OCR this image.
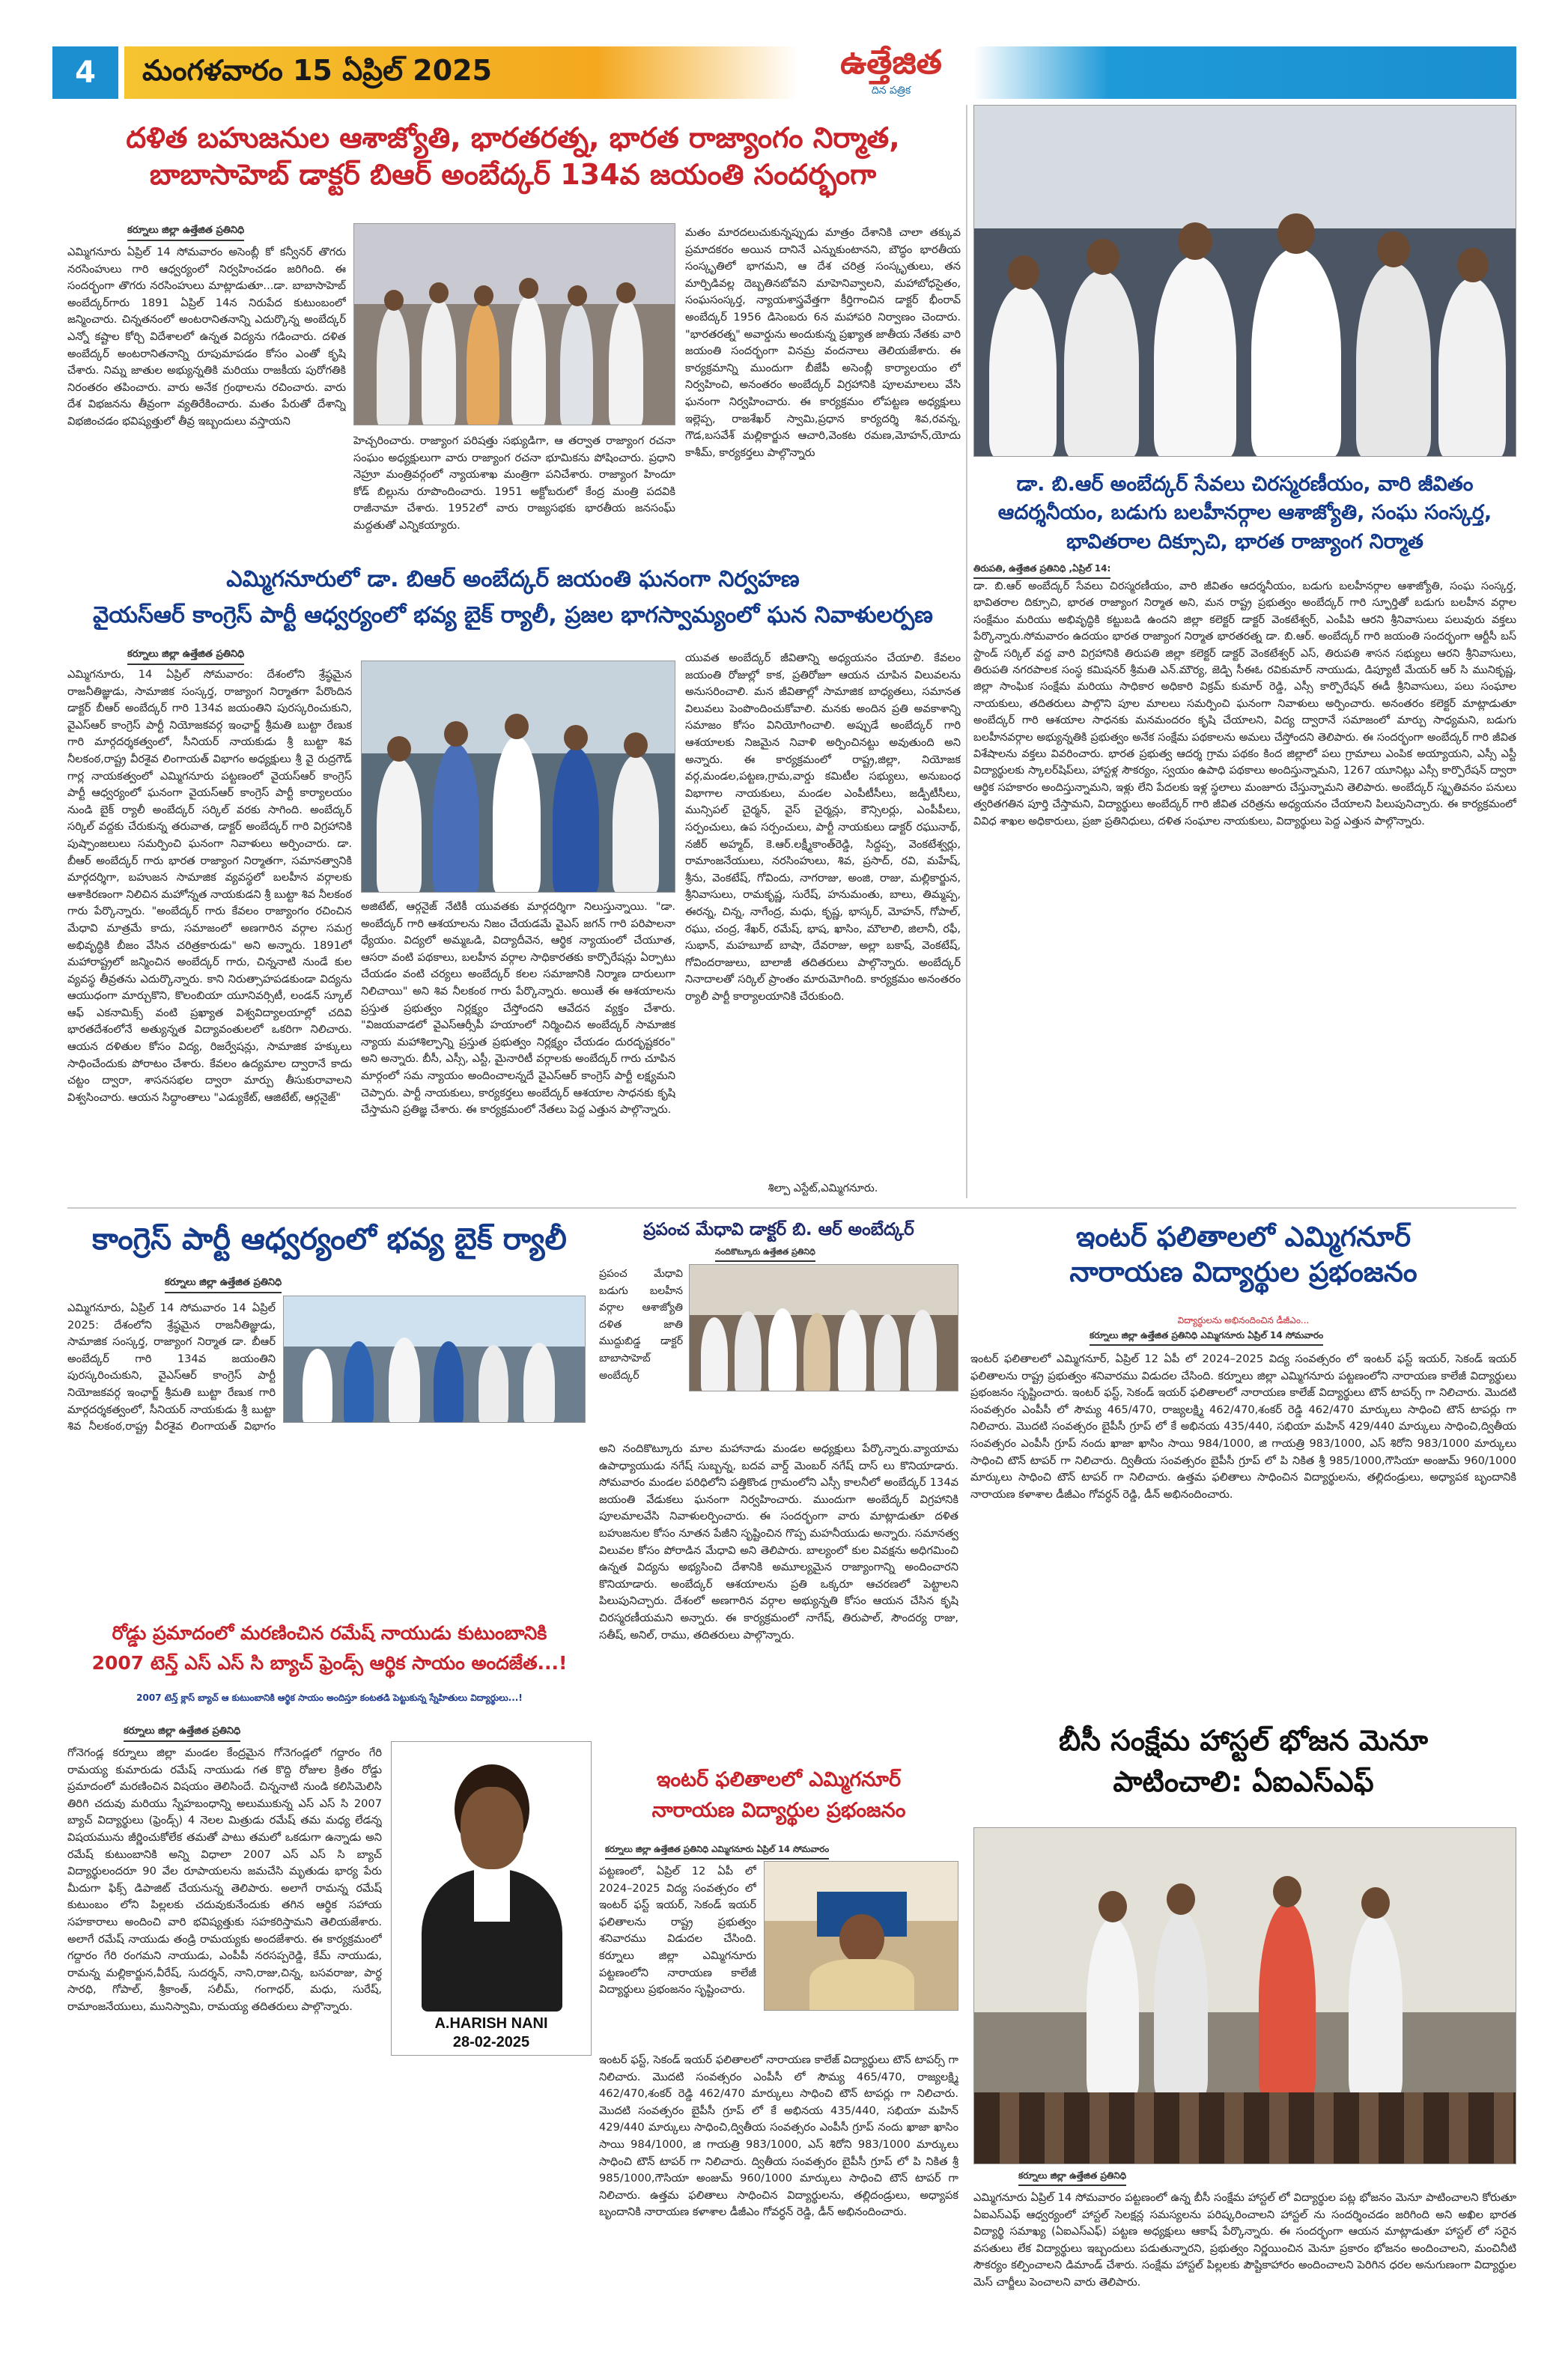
4	మంగళవారం 15 ఏప్రిల్ 2025	ఉత్తేజిత
దిన పత్రిక
దళిత బహుజనుల ఆశాజ్యోతి, భారతరత్న, భారత రాజ్యాంగం నిర్మాత,
బాబాసాహెబ్ డాక్టర్ బిఆర్ అంబేద్కర్ 134వ జయంతి సందర్భంగా
కర్నూలు జిల్లా ఉత్తేజిత ప్రతినిధి
ఎమ్మిగనూరు ఏప్రిల్ 14 సోమవారం అసెంబ్లీ కో కన్వీనర్ తొగరు నరసింహులు గారి ఆధ్వర్యంలో నిర్వహించడం జరిగింది. ఈ సందర్భంగా తొగరు నరసింహులు మాట్లాడుతూ...డా. బాబాసాహెబ్ అంబేద్కర్‌గారు 1891 ఏప్రిల్ 14న నిరుపేద కుటుంబంలో జన్మించారు. చిన్నతనంలో అంటరానితనాన్ని ఎదుర్కొన్న అంబేద్కర్ ఎన్నో కష్టాల కోర్చి విదేశాలలో ఉన్నత విద్యను గడించారు. దళిత అంబేద్కర్ అంటరానితనాన్ని రూపుమాపడం కోసం ఎంతో కృషి చేశారు. నిమ్న జాతుల అభ్యున్నతికి మరియు రాజకీయ పురోగతికి నిరంతరం తపించారు. వారు అనేక గ్రంథాలను రచించారు. వారు దేశ విభజనను తీవ్రంగా వ్యతిరేకించారు. మతం పేరుతో దేశాన్ని విభజించడం భవిష్యత్తులో తీవ్ర ఇబ్బందులు వస్తాయని
హెచ్చరించారు. రాజ్యాంగ పరిషత్తు సభ్యుడిగా, ఆ తర్వాత రాజ్యాంగ రచనా సంఘం అధ్యక్షులుగా వారు రాజ్యాంగ రచనా భూమికను పోషించారు. ప్రధాని నెహ్రూ మంత్రివర్గంలో న్యాయశాఖ మంత్రిగా పనిచేశారు. రాజ్యాంగ హిందూ కోడ్ బిల్లును రూపొందించారు. 1951 అక్టోబరులో కేంద్ర మంత్రి పదవికి రాజీనామా చేశారు. 1952లో వారు రాజ్యసభకు భారతీయ జనసంఘ్ మద్దతుతో ఎన్నికయ్యారు.
మతం మారదలుచుకున్నప్పుడు మాత్రం దేశానికి చాలా తక్కువ ప్రమాదకరం అయిన దానినే ఎన్నుకుంటానని, బౌద్ధం భారతీయ సంస్కృతిలో భాగమని, ఆ దేశ చరిత్ర సంస్కృతులు, తన మార్పిడివల్ల దెబ్బతినబోవని మాహెనివ్వాలని, మహాబోధసైతం, సంఘసంస్కర్త, న్యాయశాస్త్రవేత్తగా కీర్తిగాంచిన డాక్టర్ భీంరావ్ అంబేద్కర్ 1956 డిసెంబరు 6న మహాపరి నిర్వాణం చెందారు. "భారతరత్న" అవార్డును అందుకున్న ప్రఖ్యాత జాతీయ నేతకు వారి జయంతి సందర్భంగా వినమ్ర వందనాలు తెలియజేశారు. ఈ కార్యక్రమాన్ని ముందుగా బీజేపీ అసెంబ్లీ కార్యాలయం లో నిర్వహించి, అనంతరం అంబేద్కర్ విగ్రహానికి పూలమాలలు వేసి ఘనంగా నిర్వహించారు. ఈ కార్యక్రమం లోపట్టణ అధ్యక్షులు ఇల్లెప్ప, రాజశేఖర్ స్వామి,ప్రధాన కార్యదర్శి శివ,రవన్న, గౌడ,బసవేశ్ మల్లికార్జున ఆచారి,వెంకట రమణ,మోహన్,యోదు కాశీమ్, కార్యకర్తలు పాల్గొన్నారు
డా. బి.ఆర్ అంబేద్కర్ సేవలు చిరస్మరణీయం, వారి జీవితం ఆదర్శనీయం, బడుగు బలహీనర్గాల ఆశాజ్యోతి, సంఘ సంస్కర్త, భావితరాల దిక్సూచి, భారత రాజ్యాంగ నిర్మాత
తిరుపతి, ఉత్తేజిత ప్రతినిధి ,ఏప్రిల్ 14:
డా. బి.ఆర్ అంబేద్కర్ సేవలు చిరస్మరణీయం, వారి జీవితం ఆదర్శనీయం, బడుగు బలహీనర్గాల ఆశాజ్యోతి, సంఘ సంస్కర్త, భావితరాల దిక్సూచి, భారత రాజ్యాంగ నిర్మాత అని, మన రాష్ట్ర ప్రభుత్వం అంబేద్కర్ గారి స్ఫూర్తితో బడుగు బలహీన వర్గాల సంక్షేమం మరియు అభివృద్ధికి కట్టుబడి ఉందని జిల్లా కలెక్టర్ డాక్టర్ వెంకటేశ్వర్, ఎంపీపి ఆరని శ్రీనివాసులు పలువురు వక్తలు పేర్కొన్నారు.సోమవారం ఉదయం భారత రాజ్యాంగ నిర్మాత భారతరత్న డా. బి.ఆర్. అంబేద్కర్ గారి జయంతి సందర్భంగా ఆర్టీసీ బస్ స్టాండ్ సర్కిల్ వద్ద వారి విగ్రహానికి తిరుపతి జిల్లా కలెక్టర్ డాక్టర్ వెంకటేశ్వర్ ఎస్, తిరుపతి శాసన సభ్యులు ఆరని శ్రీనివాసులు, తిరుపతి నగరపాలక సంస్థ కమిషనర్ శ్రీమతి ఎన్.మౌర్య, జెడ్పి సీఈఓ రవికుమార్ నాయుడు, డిప్యూటీ మేయర్ ఆర్ సి మునికృష్ణ, జిల్లా సాంఘిక సంక్షేమ మరియు సాధికార అధికారి విక్రమ్ కుమార్ రెడ్డి, ఎస్సీ కార్పొరేషన్ ఈడీ శ్రీనివాసులు, పలు సంఘాల నాయకులు, తదితరులు పాల్గొని పూల మాలలు సమర్పించి ఘనంగా నివాళులు అర్పించారు. అనంతరం కలెక్టర్ మాట్లాడుతూ అంబేద్కర్ గారి ఆశయాల సాధనకు మనమందరం కృషి చేయాలని, విద్య ద్వారానే సమాజంలో మార్పు సాధ్యమని, బడుగు బలహీనవర్గాల అభ్యున్నతికి ప్రభుత్వం అనేక సంక్షేమ పథకాలను అమలు చేస్తోందని తెలిపారు. ఈ సందర్భంగా అంబేద్కర్ గారి జీవిత విశేషాలను వక్తలు వివరించారు. భారత ప్రభుత్వ ఆదర్శ గ్రామ పథకం కింద జిల్లాలో పలు గ్రామాలు ఎంపిక అయ్యాయని, ఎస్సీ ఎస్టీ విద్యార్థులకు స్కాలర్‌షిప్‌లు, హాస్టళ్ల సౌకర్యం, స్వయం ఉపాధి పథకాలు అందిస్తున్నామని, 1267 యూనిట్లు ఎస్సీ కార్పొరేషన్ ద్వారా ఆర్థిక సహకారం అందిస్తున్నామని, ఇళ్లు లేని పేదలకు ఇళ్ల స్థలాలు మంజూరు చేస్తున్నామని తెలిపారు. అంబేద్కర్ స్మృతివనం పనులు త్వరితగతిన పూర్తి చేస్తామని, విద్యార్థులు అంబేద్కర్ గారి జీవిత చరిత్రను అధ్యయనం చేయాలని పిలుపునిచ్చారు. ఈ కార్యక్రమంలో వివిధ శాఖల అధికారులు, ప్రజా ప్రతినిధులు, దళిత సంఘాల నాయకులు, విద్యార్థులు పెద్ద ఎత్తున పాల్గొన్నారు.
ఎమ్మిగనూరులో డా. బిఆర్ అంబేద్కర్ జయంతి ఘనంగా నిర్వహణ
వైయస్ఆర్ కాంగ్రెస్ పార్టీ ఆధ్వర్యంలో భవ్య బైక్ ర్యాలీ, ప్రజల భాగస్వామ్యంలో ఘన నివాళులర్పణ
కర్నూలు జిల్లా ఉత్తేజిత ప్రతినిధి
ఎమ్మిగనూరు, 14 ఏప్రిల్ సోమవారం: దేశంలోని శ్రేష్ఠమైన రాజనీతిజ్ఞుడు, సామాజిక సంస్కర్త, రాజ్యాంగ నిర్మాతగా పేరొందిన డాక్టర్ బీఆర్ అంబేద్కర్ గారి 134వ జయంతిని పురస్కరించుకుని, వైఎస్ఆర్ కాంగ్రెస్ పార్టీ నియోజకవర్గ ఇంఛార్జ్ శ్రీమతి బుట్టా రేణుక గారి మార్గదర్శకత్వంలో, సీనియర్ నాయకుడు శ్రీ బుట్టా శివ నీలకంఠ,రాష్ట్ర వీరశైవ లింగాయత్ విభాగం అధ్యక్షులు శ్రీ వై రుద్రగౌడ్ గార్ల నాయకత్వంలో ఎమ్మిగనూరు పట్టణంలో వైయస్ఆర్ కాంగ్రెస్ పార్టీ ఆధ్వర్యంలో ఘనంగా వైయస్ఆర్ కాంగ్రెస్ పార్టీ కార్యాలయం నుండి బైక్ ర్యాలీ అంబేద్కర్ సర్కిల్ వరకు సాగింది. అంబేద్కర్ సర్కిల్ వద్దకు చేరుకున్న తరువాత, డాక్టర్ అంబేద్కర్ గారి విగ్రహానికి పుష్పాంజలులు సమర్పించి ఘనంగా నివాళులు అర్పించారు. డా. బీఆర్ అంబేద్కర్ గారు భారత రాజ్యాంగ నిర్మాతగా, సమానత్వానికి మార్గదర్శిగా, బహుజన సామాజిక వ్యవస్థలో బలహీన వర్గాలకు ఆశాకిరణంగా నిలిచిన మహోన్నత నాయకుడని శ్రీ బుట్టా శివ నీలకంఠ గారు పేర్కొన్నారు. "అంబేద్కర్ గారు కేవలం రాజ్యాంగం రచించిన మేధావి మాత్రమే కాదు, సమాజంలో అణగారిన వర్గాల సమగ్ర అభివృద్ధికి బీజం వేసిన చరిత్రకారుడు" అని అన్నారు. 1891లో మహారాష్ట్రలో జన్మించిన అంబేద్కర్ గారు, చిన్ననాటి నుండే కుల వ్యవస్థ తీవ్రతను ఎదుర్కొన్నారు. కాని నిరుత్సాహపడకుండా విద్యను ఆయుధంగా మార్చుకొని, కొలంబియా యూనివర్సిటీ, లండన్ స్కూల్ ఆఫ్ ఎకనామిక్స్ వంటి ప్రఖ్యాత విశ్వవిద్యాలయాల్లో చదివి భారతదేశంలోనే అత్యున్నత విద్యావంతులలో ఒకరిగా నిలిచారు. ఆయన దళితుల కోసం విద్య, రిజర్వేషన్లు, సామాజిక హక్కులు సాధించేందుకు పోరాటం చేశారు. కేవలం ఉద్యమాల ద్వారానే కాదు చట్టం ద్వారా, శాసనసభల ద్వారా మార్పు తీసుకురావాలని విశ్వసించారు. ఆయన సిద్ధాంతాలు "ఎడ్యుకేట్, ఆజిటేట్, ఆర్గనైజ్"
అజిటేట్, ఆర్గనైజ్ నేటికీ యువతకు మార్గదర్శిగా నిలుస్తున్నాయి. "డా. అంబేద్కర్ గారి ఆశయాలను నిజం చేయడమే వైఎస్ జగన్ గారి పరిపాలనా ధ్యేయం. విద్యలో అమ్మఒడి, విద్యాదీవెన, ఆర్థిక న్యాయంలో చేయూత, ఆసరా వంటి పథకాలు, బలహీన వర్గాల సాధికారతకు కార్పొరేషన్లు ఏర్పాటు చేయడం వంటి చర్యలు అంబేద్కర్ కలల సమాజానికి నిర్మాణ దారులుగా నిలిచాయి" అని శివ నీలకంఠ గారు పేర్కొన్నారు. అయితే ఈ ఆశయాలను ప్రస్తుత ప్రభుత్వం నిర్లక్ష్యం చేస్తోందని ఆవేదన వ్యక్తం చేశారు. "విజయవాడలో వైఎస్ఆర్సీపీ హయాంలో నిర్మించిన అంబేద్కర్ సామాజిక న్యాయ మహాశిల్పాన్ని ప్రస్తుత ప్రభుత్వం నిర్లక్ష్యం చేయడం దురదృష్టకరం" అని అన్నారు. బీసీ, ఎస్సీ, ఎస్టీ, మైనారిటీ వర్గాలకు అంబేద్కర్ గారు చూపిన మార్గంలో సమ న్యాయం అందించాలన్నదే వైఎస్ఆర్ కాంగ్రెస్ పార్టీ లక్ష్యమని చెప్పారు. పార్టీ నాయకులు, కార్యకర్తలు అంబేద్కర్ ఆశయాల సాధనకు కృషి చేస్తామని ప్రతిజ్ఞ చేశారు. ఈ కార్యక్రమంలో నేతలు పెద్ద ఎత్తున పాల్గొన్నారు.
యువత అంబేద్కర్ జీవితాన్ని అధ్యయనం చేయాలి. కేవలం జయంతి రోజుల్లో కాక, ప్రతిరోజూ ఆయన చూపిన విలువలను అనుసరించాలి. మన జీవితాల్లో సామాజిక బాధ్యతలు, సమానత విలువలు పెంపొందించుకోవాలి. మనకు అందిన ప్రతి అవకాశాన్ని సమాజం కోసం వినియోగించాలి. అప్పుడే అంబేద్కర్ గారి ఆశయాలకు నిజమైన నివాళి అర్పించినట్టు అవుతుంది అని అన్నారు. ఈ కార్యక్రమంలో రాష్ట్ర,జిల్లా, నియోజక వర్గ,మండల,పట్టణ,గ్రామ,వార్డు కమిటీల సభ్యులు, అనుబంధ విభాగాల నాయకులు, మండల ఎంపీటీసీలు, జడ్పీటీసీలు, మున్సిపల్ చైర్మన్, వైస్ చైర్మన్లు, కౌన్సిలర్లు, ఎంపీపీలు, సర్పంచులు, ఉప సర్పంచులు, పార్టీ నాయకులు డాక్టర్ రఘునాథ్, నజీర్ అహ్మద్, కె.ఆర్.లక్ష్మీకాంత్‌రెడ్డి, సిద్దప్ప, వెంకటేశ్వర్లు, రామాంజనేయులు, నరసింహులు, శివ, ప్రసాద్, రవి, మహేష్, శ్రీను, వెంకటేష్, గోవిందు, నాగరాజు, అంజి, రాజు, మల్లికార్జున, శ్రీనివాసులు, రామకృష్ణ, సురేష్, హనుమంతు, బాలు, తిమ్మప్ప, ఈరన్న, చిన్న, నాగేంద్ర, మధు, కృష్ణ, భాస్కర్, మోహన్, గోపాల్, రఘు, చంద్ర, శేఖర్, రమేష్, భాష, ఖాసిం, మౌలాలి, జిలానీ, రఫీ, సుభాన్, మహబూబ్ బాషా, దేవరాజు, అల్లా బకాష్, వెంకటేష్, గోవిందరాజులు, బాలాజీ తదితరులు పాల్గొన్నారు. అంబేద్కర్ నినాదాలతో సర్కిల్ ప్రాంతం మారుమోగింది. కార్యక్రమం అనంతరం ర్యాలీ పార్టీ కార్యాలయానికి చేరుకుంది.
శిల్పా ఎస్టేట్,ఎమ్మిగనూరు.
కాంగ్రెస్ పార్టీ ఆధ్వర్యంలో భవ్య బైక్ ర్యాలీ
కర్నూలు జిల్లా ఉత్తేజిత ప్రతినిధి
ఎమ్మిగనూరు, ఏప్రిల్ 14 సోమవారం 14 ఏప్రిల్ 2025: దేశంలోని శ్రేష్ఠమైన రాజనీతిజ్ఞుడు, సామాజిక సంస్కర్త, రాజ్యాంగ నిర్మాత డా. బీఆర్ అంబేద్కర్ గారి 134వ జయంతిని పురస్కరించుకుని, వైఎస్ఆర్ కాంగ్రెస్ పార్టీ నియోజకవర్గ ఇంఛార్జ్ శ్రీమతి బుట్టా రేణుక గారి మార్గదర్శకత్వంలో, సీనియర్ నాయకుడు శ్రీ బుట్టా శివ నీలకంఠ,రాష్ట్ర వీరశైవ లింగాయత్ విభాగం
ప్రపంచ మేధావి డాక్టర్ బి. ఆర్ అంబేద్కర్
నందికొట్కూరు ఉత్తేజిత ప్రతినిధి
ప్రపంచ మేధావి బడుగు బలహీన వర్గాల ఆశాజ్యోతి దళిత జాతి ముద్దుబిడ్డ డాక్టర్ బాబాసాహెబ్ అంబేద్కర్
అని నందికొట్కూరు మాల మహానాడు మండల అధ్యక్షులు పేర్కొన్నారు.వ్యాయామ ఉపాధ్యాయుడు నగేష్ సుబ్బన్న, బదవ వార్డ్ మెంబర్ నగేష్ దాస్ లు కొనియాడారు. సోమవారం మండల పరిధిలోని పత్తికొండ గ్రామంలోని ఎస్సీ కాలనీలో అంబేద్కర్ 134వ జయంతి వేడుకలు ఘనంగా నిర్వహించారు. ముందుగా అంబేద్కర్ విగ్రహానికి పూలమాలవేసి నివాళులర్పించారు. ఈ సందర్భంగా వారు మాట్లాడుతూ దళిత బహుజనుల కోసం నూతన పేజీని సృష్టించిన గొప్ప మహనీయుడు అన్నారు. సమానత్వ విలువల కోసం పోరాడిన మేధావి అని తెలిపారు. బాల్యంలో కుల వివక్షను అధిగమించి ఉన్నత విద్యను అభ్యసించి దేశానికి అమూల్యమైన రాజ్యాంగాన్ని అందించారని కొనియాడారు. అంబేద్కర్ ఆశయాలను ప్రతి ఒక్కరూ ఆచరణలో పెట్టాలని పిలుపునిచ్చారు. దేశంలో అణగారిన వర్గాల అభ్యున్నతి కోసం ఆయన చేసిన కృషి చిరస్మరణీయమని అన్నారు. ఈ కార్యక్రమంలో నాగేష్, తిరుపాల్, సౌందర్య రాజు, సతీష్, అనిల్, రాము, తదితరులు పాల్గొన్నారు.
ఇంటర్ ఫలితాలలో ఎమ్మిగనూర్
నారాయణ విద్యార్థుల ప్రభంజనం
విద్యార్థులను అభినందించిన డీజీఎం...
కర్నూలు జిల్లా ఉత్తేజిత ప్రతినిధి ఎమ్మిగనూరు ఏప్రిల్ 14 సోమవారం
ఇంటర్ ఫలితాలలో ఎమ్మిగనూర్, ఏప్రిల్ 12 ఏపీ లో 2024–2025 విద్య సంవత్సరం లో ఇంటర్ ఫస్ట్ ఇయర్, సెకండ్ ఇయర్ ఫలితాలను రాష్ట్ర ప్రభుత్వం శనివారము విడుదల చేసింది. కర్నూలు జిల్లా ఎమ్మిగనూరు పట్టణంలోని నారాయణ కాలేజీ విద్యార్థులు ప్రభంజనం సృష్టించారు. ఇంటర్ ఫస్ట్, సెకండ్ ఇయర్ ఫలితాలలో నారాయణ కాలేజ్ విద్యార్థులు టౌన్ టాపర్స్ గా నిలిచారు. మొదటి సంవత్సరం ఎంపీసీ లో సౌమ్య 465/470, రాజ్యలక్ష్మి 462/470,శంకర్ రెడ్డి 462/470 మార్కులు సాధించి టౌన్ టాపర్లు గా నిలిచారు. మొదటి సంవత్సరం బైపీసీ గ్రూప్ లో కే అభినయ 435/440, సభియా మహిన్ 429/440 మార్కులు సాధించి,ద్వితీయ సంవత్సరం ఎంపీసీ గ్రూప్ నందు ఖాజా ఖాసిం సాయి 984/1000, జి గాయత్రి 983/1000, ఎస్ శిరోని 983/1000 మార్కులు సాధించి టౌన్ టాపర్ గా నిలిచారు. ద్వితీయ సంవత్సరం బైపీసీ గ్రూప్ లో పి నికిత శ్రీ 985/1000,గౌసియా అంజుమ్ 960/1000 మార్కులు సాధించి టౌన్ టాపర్ గా నిలిచారు. ఉత్తమ ఫలితాలు సాధించిన విద్యార్థులను, తల్లిదండ్రులు, అధ్యాపక బృందానికి నారాయణ కళాశాల డీజీఎం గోవర్ధన్ రెడ్డి, డీన్ అభినందించారు.
రోడ్డు ప్రమాదంలో మరణించిన రమేష్ నాయుడు కుటుంబానికి
2007 టెన్త్ ఎస్ ఎస్ సి బ్యాచ్ ఫ్రెండ్స్ ఆర్థిక సాయం అందజేత...!
2007 టెన్త్ క్లాస్ బ్యాచ్ ఆ కుటుంబానికి ఆర్థిక సాయం అందిస్తూ కంటతడి పెట్టుకున్న స్నేహితులు విద్యార్థులు...!
కర్నూలు జిల్లా ఉత్తేజిత ప్రతినిధి
గోనెగండ్ల కర్నూలు జిల్లా మండల కేంద్రమైన గోనెగండ్లలో గద్దారం గేరి రామయ్య కుమారుడు రమేష్ నాయుడు గత కొద్ది రోజుల క్రితం రోడ్డు ప్రమాదంలో మరణించిన విషయం తెలిసిందే. చిన్ననాటి నుండి కలిసిమెలిసి తిరిగి చదువు మరియు స్నేహబంధాన్ని అలుముకున్న ఎస్ ఎస్ సి 2007 బ్యాచ్ విద్యార్థులు (ఫ్రెండ్స్) 4 నెలల మిత్రుడు రమేష్ తమ మధ్య లేడన్న విషయమును జీర్ణించుకోలేక తమతో పాటు తమలో ఒకడుగా ఉన్నాడు అని రమేష్ కుటుంబానికి అన్ని విధాలా 2007 ఎస్ ఎస్ సి బ్యాచ్ విద్యార్థులందరూ 90 వేల రూపాయలను జమచేసి మృతుడు భార్య పేరు మీదుగా ఫిక్స్ డిపాజిట్ చేయనున్న తెలిపారు. అలాగే రామన్న రమేష్ కుటుంబం లోని పిల్లలకు చదువుకునేందుకు తగిన ఆర్థిక సహాయ సహకారాలు అందించి వారి భవిష్యత్తుకు సహకరిస్తామని తెలియజేశారు. అలాగే రమేష్ నాయుడు తండ్రి రామయ్యకు అందజేశారు. ఈ కార్యక్రమంలో గద్దారం గేరి రంగమని నాయుడు, ఎంపీపీ నరసప్పరెడ్డి, కేమ్ నాయుడు, రామన్న మల్లికార్జున,వీరేష్, సుదర్శన్, నాని,రాజు,చిన్న, బసవరాజు, పార్థ సారధి, గోపాల్, శ్రీకాంత్, సలీమ్, గంగాధర్, మధు, సురేష్, రామాంజనేయులు, మునిస్వామి, రామయ్య తదితరులు పాల్గొన్నారు.
A.HARISH NANI
28-02-2025
ఇంటర్ ఫలితాలలో ఎమ్మిగనూర్
నారాయణ విద్యార్థుల ప్రభంజనం
కర్నూలు జిల్లా ఉత్తేజిత ప్రతినిధి ఎమ్మిగనూరు ఏప్రిల్ 14 సోమవారం
పట్టణంలో, ఏప్రిల్ 12 ఏపీ లో 2024–2025 విద్య సంవత్సరం లో ఇంటర్ ఫస్ట్ ఇయర్, సెకండ్ ఇయర్ ఫలితాలను రాష్ట్ర ప్రభుత్వం శనివారము విడుదల చేసింది. కర్నూలు జిల్లా ఎమ్మిగనూరు పట్టణంలోని నారాయణ కాలేజీ విద్యార్థులు ప్రభంజనం సృష్టించారు.
ఇంటర్ ఫస్ట్, సెకండ్ ఇయర్ ఫలితాలలో నారాయణ కాలేజ్ విద్యార్థులు టౌన్ టాపర్స్ గా నిలిచారు. మొదటి సంవత్సరం ఎంపీసీ లో సౌమ్య 465/470, రాజ్యలక్ష్మి 462/470,శంకర్ రెడ్డి 462/470 మార్కులు సాధించి టౌన్ టాపర్లు గా నిలిచారు. మొదటి సంవత్సరం బైపీసీ గ్రూప్ లో కే అభినయ 435/440, సభియా మహిన్ 429/440 మార్కులు సాధించి,ద్వితీయ సంవత్సరం ఎంపీసీ గ్రూప్ నందు ఖాజా ఖాసిం సాయి 984/1000, జి గాయత్రి 983/1000, ఎస్ శిరోని 983/1000 మార్కులు సాధించి టౌన్ టాపర్ గా నిలిచారు. ద్వితీయ సంవత్సరం బైపీసీ గ్రూప్ లో పి నికిత శ్రీ 985/1000,గౌసియా అంజుమ్ 960/1000 మార్కులు సాధించి టౌన్ టాపర్ గా నిలిచారు. ఉత్తమ ఫలితాలు సాధించిన విద్యార్థులను, తల్లిదండ్రులు, అధ్యాపక బృందానికి నారాయణ కళాశాల డీజీఎం గోవర్ధన్ రెడ్డి, డీన్ అభినందించారు.
బీసీ సంక్షేమ హాస్టల్ భోజన మెనూ
పాటించాలి: ఏఐఎస్ఎఫ్
కర్నూలు జిల్లా ఉత్తేజిత ప్రతినిధి
ఎమ్మిగనూరు ఏప్రిల్ 14 సోమవారం పట్టణంలో ఉన్న బీసీ సంక్షేమ హాస్టల్ లో విద్యార్థుల పట్ల భోజనం మెనూ పాటించాలని కోరుతూ ఏఐఎస్ఎఫ్ ఆధ్వర్యంలో హాస్టల్ సెలక్షన్ల సమస్యలను పరిష్కరించాలని హాస్టల్ ను సందర్శించడం జరిగింది అని అఖిల భారత విద్యార్థి సమాఖ్య (ఏఐఎస్ఎఫ్) పట్టణ అధ్యక్షులు ఆకాష్ పేర్కొన్నారు. ఈ సందర్భంగా ఆయన మాట్లాడుతూ హాస్టల్ లో సరైన వసతులు లేక విద్యార్థులు ఇబ్బందులు పడుతున్నారని, ప్రభుత్వం నిర్ణయించిన మెనూ ప్రకారం భోజనం అందించాలని, మంచినీటి సౌకర్యం కల్పించాలని డిమాండ్ చేశారు. సంక్షేమ హాస్టల్ పిల్లలకు పౌష్టికాహారం అందించాలని పెరిగిన ధరల అనుగుణంగా విద్యార్థుల మెస్ చార్జీలు పెంచాలని వారు తెలిపారు.
